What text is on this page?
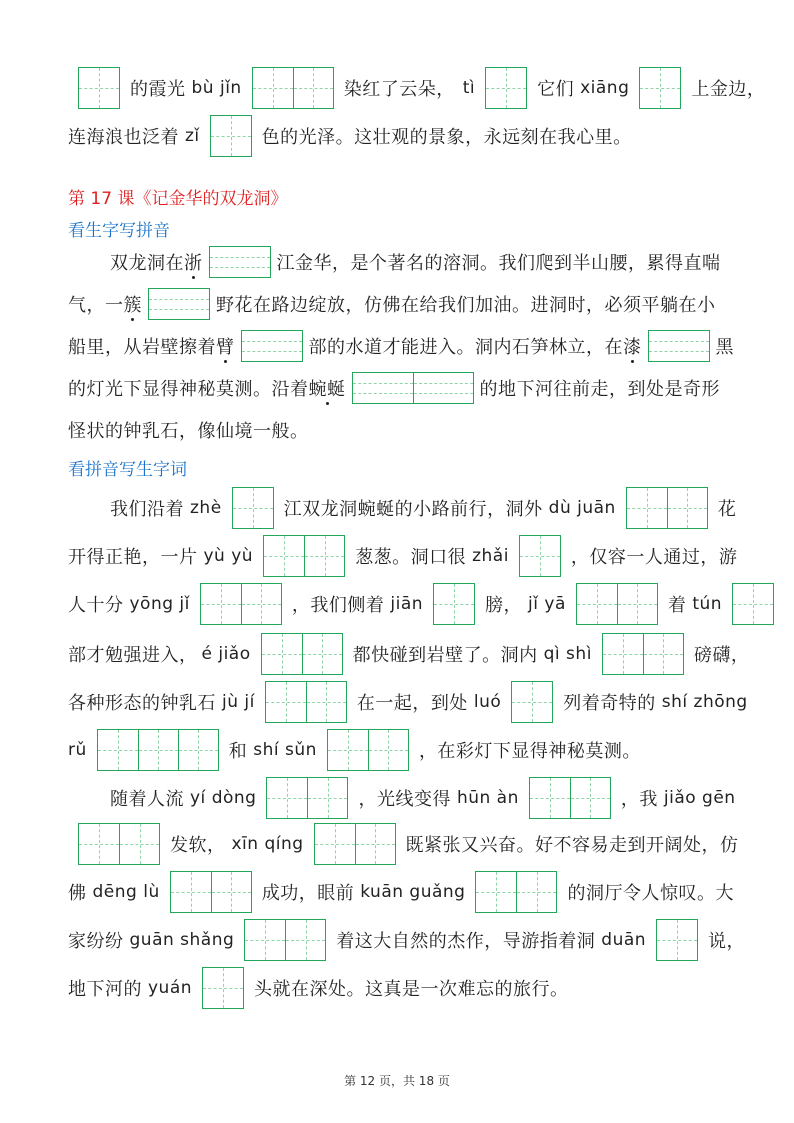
的霞光 bù jǐn	染红了云朵， tì	它们 xiāng	上金边，
连海浪也泛着 zǐ	色的光泽。这壮观的景象，永远刻在我心里。
第 17 课《记金华的双龙洞》
看生字写拼音
双龙洞在 浙	江金华，是个著名的溶洞。我们爬到半山腰，累得直喘
气，一 簇	野花在路边绽放，仿佛在给我们加油。进洞时，必须平躺在小
船里，从岩壁擦着 臂	部的水道才能进入。洞内石笋林立，在 漆	黑
的灯光下显得神秘莫测。沿着 蜿蜒	的地下河往前走，到处是奇形
怪状的钟乳石，像仙境一般。
看拼音写生字词
我们沿着 zhè	江双龙洞蜿蜒的小路前行，洞外 dù juān	花
开得正艳，一片 yù yù	葱葱。洞口很 zhǎi	，仅容一人通过，游
人十分 yōng jǐ	，我们侧着 jiān	膀， jǐ yā	着 tún
部才勉强进入， é jiǎo	都快碰到岩壁了。洞内 qì shì	磅礴，
各种形态的钟乳石 jù jí	在一起，到处 luó	列着奇特的 shí zhōng
rǔ	和 shí sǔn	，在彩灯下显得神秘莫测。
随着人流 yí dòng	，光线变得 hūn àn	，我 jiǎo gēn
发软， xīn qíng	既紧张又兴奋。好不容易走到开阔处，仿
佛 dēng lù	成功，眼前 kuān guǎng	的洞厅令人惊叹。大
家纷纷 guān shǎng	着这大自然的杰作，导游指着洞 duān	说，
地下河的 yuán	头就在深处。这真是一次难忘的旅行。
第 12 页，共 18 页
